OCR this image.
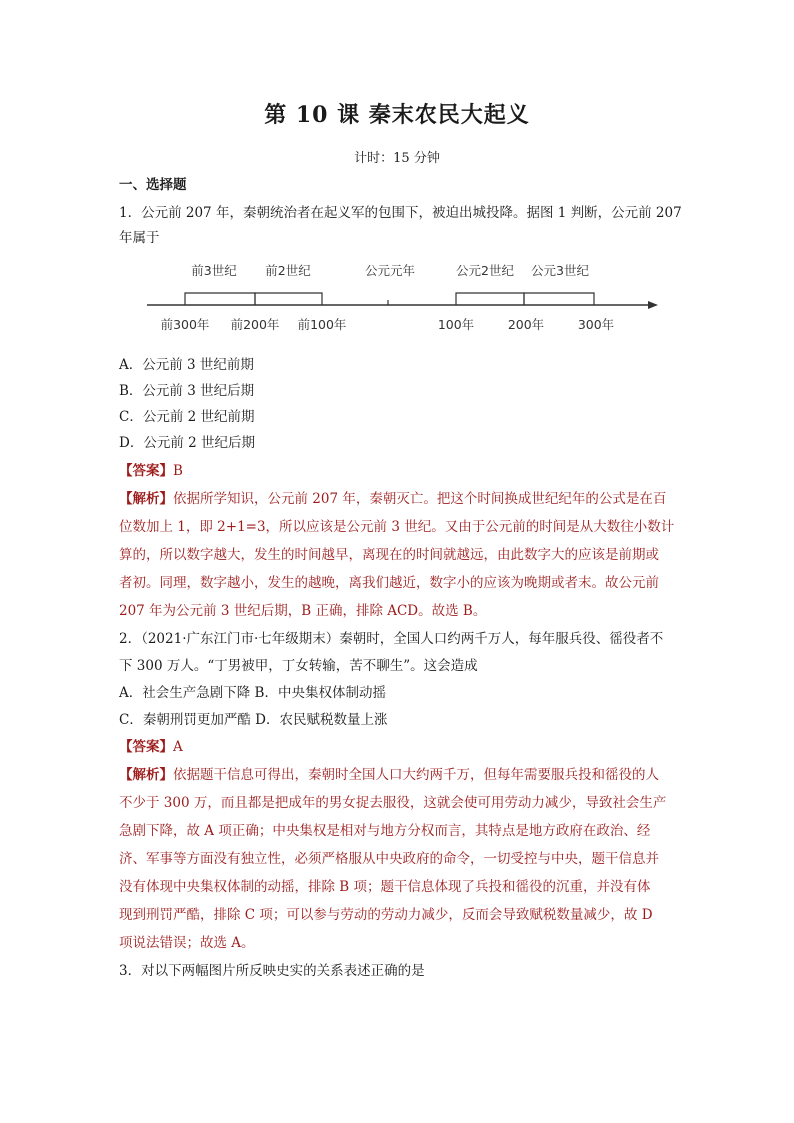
第 10 课 秦末农民大起义
计时：15 分钟
一、选择题
1．公元前 207 年，秦朝统治者在起义军的包围下，被迫出城投降。据图 1 判断，公元前 207
年属于
前3世纪 前2世纪	公元元年	公元2世纪 公元3世纪
前300年 前200年 前100年	100年	200年	300年
A．公元前 3 世纪前期
B．公元前 3 世纪后期
C．公元前 2 世纪前期
D．公元前 2 世纪后期
【答案】B
【解析】依据所学知识，公元前 207 年，秦朝灭亡。把这个时间换成世纪纪年的公式是在百
位数加上 1，即 2+1=3，所以应该是公元前 3 世纪。又由于公元前的时间是从大数往小数计
算的，所以数字越大，发生的时间越早，离现在的时间就越远，由此数字大的应该是前期或
者初。同理，数字越小，发生的越晚，离我们越近，数字小的应该为晚期或者末。故公元前
207 年为公元前 3 世纪后期，B 正确，排除 ACD。故选 B。
2．（2021·广东江门市·七年级期末）秦朝时，全国人口约两千万人，每年服兵役、徭役者不
下 300 万人。“丁男被甲，丁女转输，苦不聊生”。这会造成
A．社会生产急剧下降 B．中央集权体制动摇
C．秦朝刑罚更加严酷 D．农民赋税数量上涨
【答案】A
【解析】依据题干信息可得出，秦朝时全国人口大约两千万，但每年需要服兵投和徭役的人
不少于 300 万，而且都是把成年的男女捉去服役，这就会使可用劳动力减少，导致社会生产
急剧下降，故 A 项正确；中央集权是相对与地方分权而言，其特点是地方政府在政治、经
济、军事等方面没有独立性，必须严格服从中央政府的命令，一切受控与中央，题干信息并
没有体现中央集权体制的动摇，排除 B 项；题干信息体现了兵投和徭役的沉重，并没有体
现到刑罚严酷，排除 C 项；可以参与劳动的劳动力减少，反而会导致赋税数量减少，故 D
项说法错误；故选 A。
3．对以下两幅图片所反映史实的关系表述正确的是
